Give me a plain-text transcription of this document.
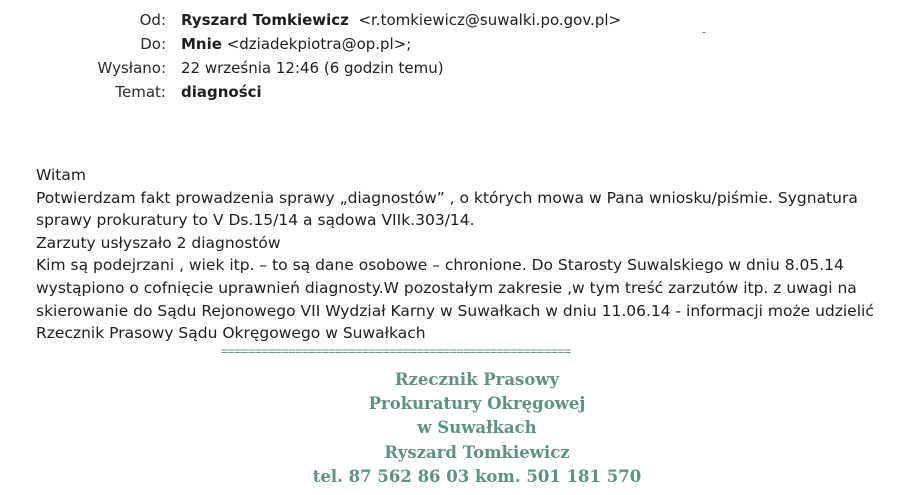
Od: Ryszard Tomkiewicz <r.tomkiewicz@suwalki.po.gov.pl>
Do: Mnie <dziadekpiotra@op.pl>;
Wysłano: 22 września 12:46 (6 godzin temu)
Temat: diagności
Witam
Potwierdzam fakt prowadzenia sprawy „diagnostów” , o których mowa w Pana wniosku/piśmie. Sygnatura
sprawy prokuratury to V Ds.15/14 a sądowa VIIk.303/14.
Zarzuty usłyszało 2 diagnostów
Kim są podejrzani , wiek itp. – to są dane osobowe – chronione. Do Starosty Suwalskiego w dniu 8.05.14
wystąpiono o cofnięcie uprawnień diagnosty.W pozostałym zakresie ,w tym treść zarzutów itp. z uwagi na
skierowanie do Sądu Rejonowego VII Wydział Karny w Suwałkach w dniu 11.06.14 - informacji może udzielić
Rzecznik Prasowy Sądu Okręgowego w Suwałkach
====================================================
Rzecznik Prasowy
Prokuratury Okręgowej
w Suwałkach
Ryszard Tomkiewicz
tel. 87 562 86 03 kom. 501 181 570
